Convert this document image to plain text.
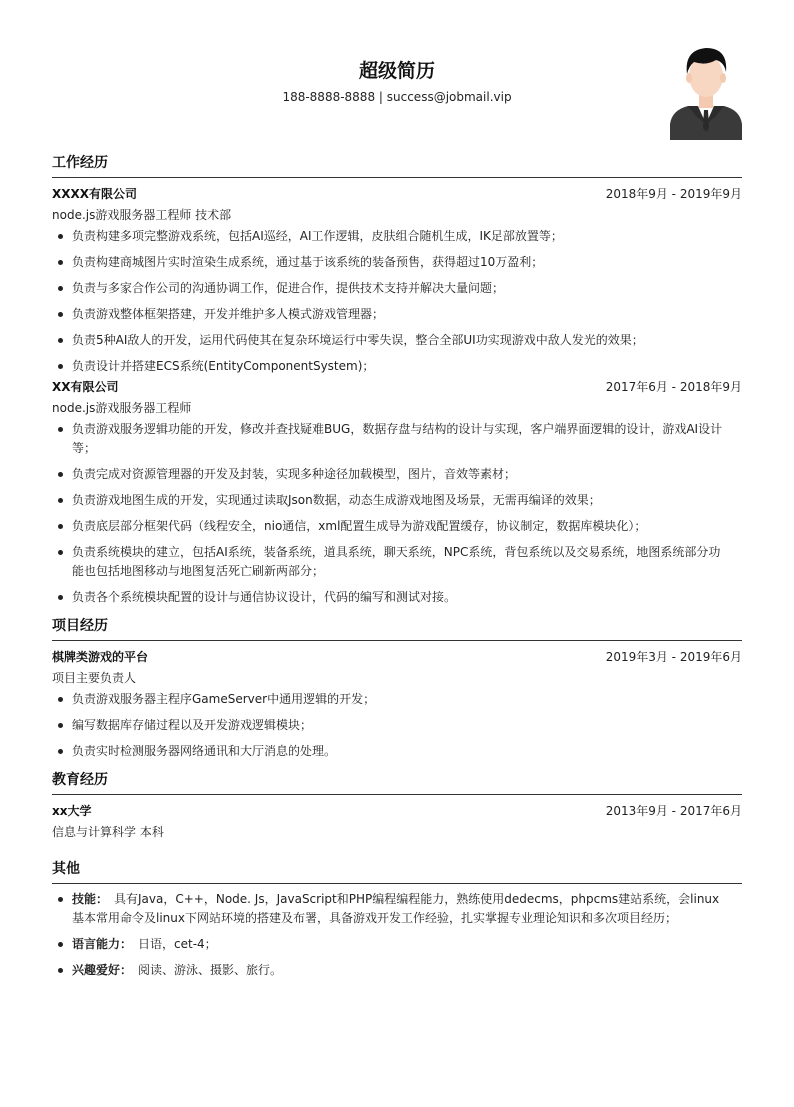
超级简历
188-8888-8888 | success@jobmail.vip
工作经历
XXXX有限公司	2018年9月 - 2019年9月
node.js游戏服务器工程师 技术部
负责构建多项完整游戏系统，包括AI巡经，AI工作逻辑，皮肤组合随机生成，IK足部放置等；
负责构建商城图片实时渲染生成系统，通过基于该系统的装备预售，获得超过10万盈利；
负责与多家合作公司的沟通协调工作，促进合作，提供技术支持并解决大量问题；
负责游戏整体框架搭建，开发并维护多人模式游戏管理器；
负责5种AI敌人的开发，运用代码使其在复杂环境运行中零失误，整合全部UI功实现游戏中敌人发光的效果；
负责设计并搭建ECS系统(EntityComponentSystem)；
XX有限公司	2017年6月 - 2018年9月
node.js游戏服务器工程师
负责游戏服务逻辑功能的开发，修改并查找疑难BUG，数据存盘与结构的设计与实现，客户端界面逻辑的设计，游戏AI设计等；
负责完成对资源管理器的开发及封装，实现多种途径加载模型，图片，音效等素材；
负责游戏地图生成的开发，实现通过读取Json数据，动态生成游戏地图及场景，无需再编译的效果；
负责底层部分框架代码（线程安全，nio通信，xml配置生成导为游戏配置缓存，协议制定，数据库模块化）；
负责系统模块的建立，包括AI系统，装备系统，道具系统，聊天系统，NPC系统，背包系统以及交易系统，地图系统部分功能也包括地图移动与地图复活死亡刷新两部分；
负责各个系统模块配置的设计与通信协议设计，代码的编写和测试对接。
项目经历
棋牌类游戏的平台	2019年3月 - 2019年6月
项目主要负责人
负责游戏服务器主程序GameServer中通用逻辑的开发；
编写数据库存储过程以及开发游戏逻辑模块；
负责实时检测服务器网络通讯和大厅消息的处理。
教育经历
xx大学	2013年9月 - 2017年6月
信息与计算科学 本科
其他
技能： 具有Java，C++，Node. Js，JavaScript和PHP编程编程能力，熟练使用dedecms，phpcms建站系统，会linux 基本常用命令及linux下网站环境的搭建及布署，具备游戏开发工作经验，扎实掌握专业理论知识和多次项目经历；
语言能力： 日语，cet-4；
兴趣爱好： 阅读、游泳、摄影、旅行。
